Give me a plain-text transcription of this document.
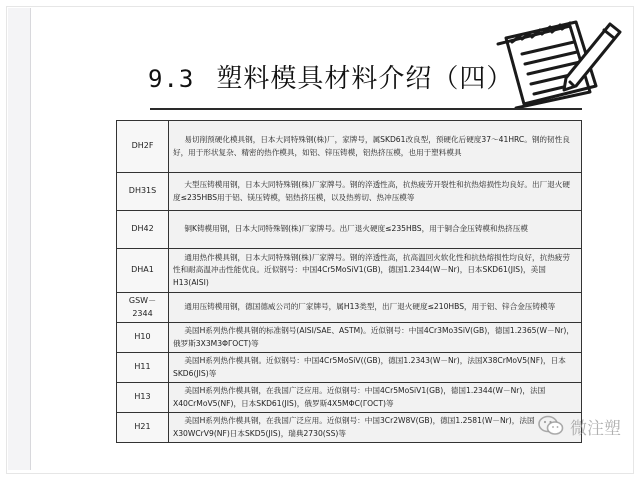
9.3 塑料模具材料介绍（四）
DH2F	易切削预硬化模具钢，日本大同特殊钢(株)厂，家牌号，属SKD61改良型，预硬化后硬度37～41HRC。钢的韧性良好，用于形状复杂、精密的热作模具，如铝、锌压铸模，铝热挤压模，也用于塑料模具
DH31S	大型压铸模用钢，日本大同特殊钢(株)厂家牌号。钢的淬透性高，抗热疲劳开裂性和抗热熔损性均良好。出厂退火硬度≤235HBS用于铝、镁压铸模，铝热挤压模，以及热剪切、热冲压模等
DH42	铜K铸模用钢，日本大同特殊钢(株)厂家牌号。出厂退火硬度≤235HBS，用于铜合金压铸模和热挤压模
DHA1	通用热作模具钢，日本大同特殊钢(株)厂家牌号。钢的淬透性高，抗高温回火软化性和抗热熔损性均良好，抗热疲劳性和耐高温冲击性能优良。近似钢号：中国4Cr5MoSiV1(GB)，德国1.2344(W－Nr)，日本SKD61(JIS)，美国H13(AISI)
GSW－2344	通用压铸模用钢，德国德威公司的厂家牌号，属H13类型，出厂退火硬度≤210HBS，用于铝、锌合金压铸模等
H10	美国H系列热作模具钢的标准钢号(AISI/SAE、ASTM)。近似钢号：中国4Cr3Mo3SiV(GB)，德国1.2365(W－Nr)，俄罗斯3X3M3ΦΓOCT)等
H11	美国H系列热作模具钢。近似钢号：中国4Cr5MoSiV((GB)，德国1.2343(W－Nr)，法国X38CrMoV5(NF)，日本SKD6(JIS)等
H13	美国H系列热作模具钢，在我国广泛应用。近似钢号：中国4Cr5MoSiV1(GB)，德国1.2344(W－Nr)，法国X40CrMoV5(NF)，日本SKD61(JIS)，俄罗斯4X5MΦC(ΓOCT)等
H21	美国H系列热作模具钢，在我国广泛应用。近似钢号：中国3Cr2W8V(GB)，德国1.2581(W－Nr)，法国X30WCrV9(NF)日本SKD5(JIS)，瑞典2730(SS)等	微注塑
